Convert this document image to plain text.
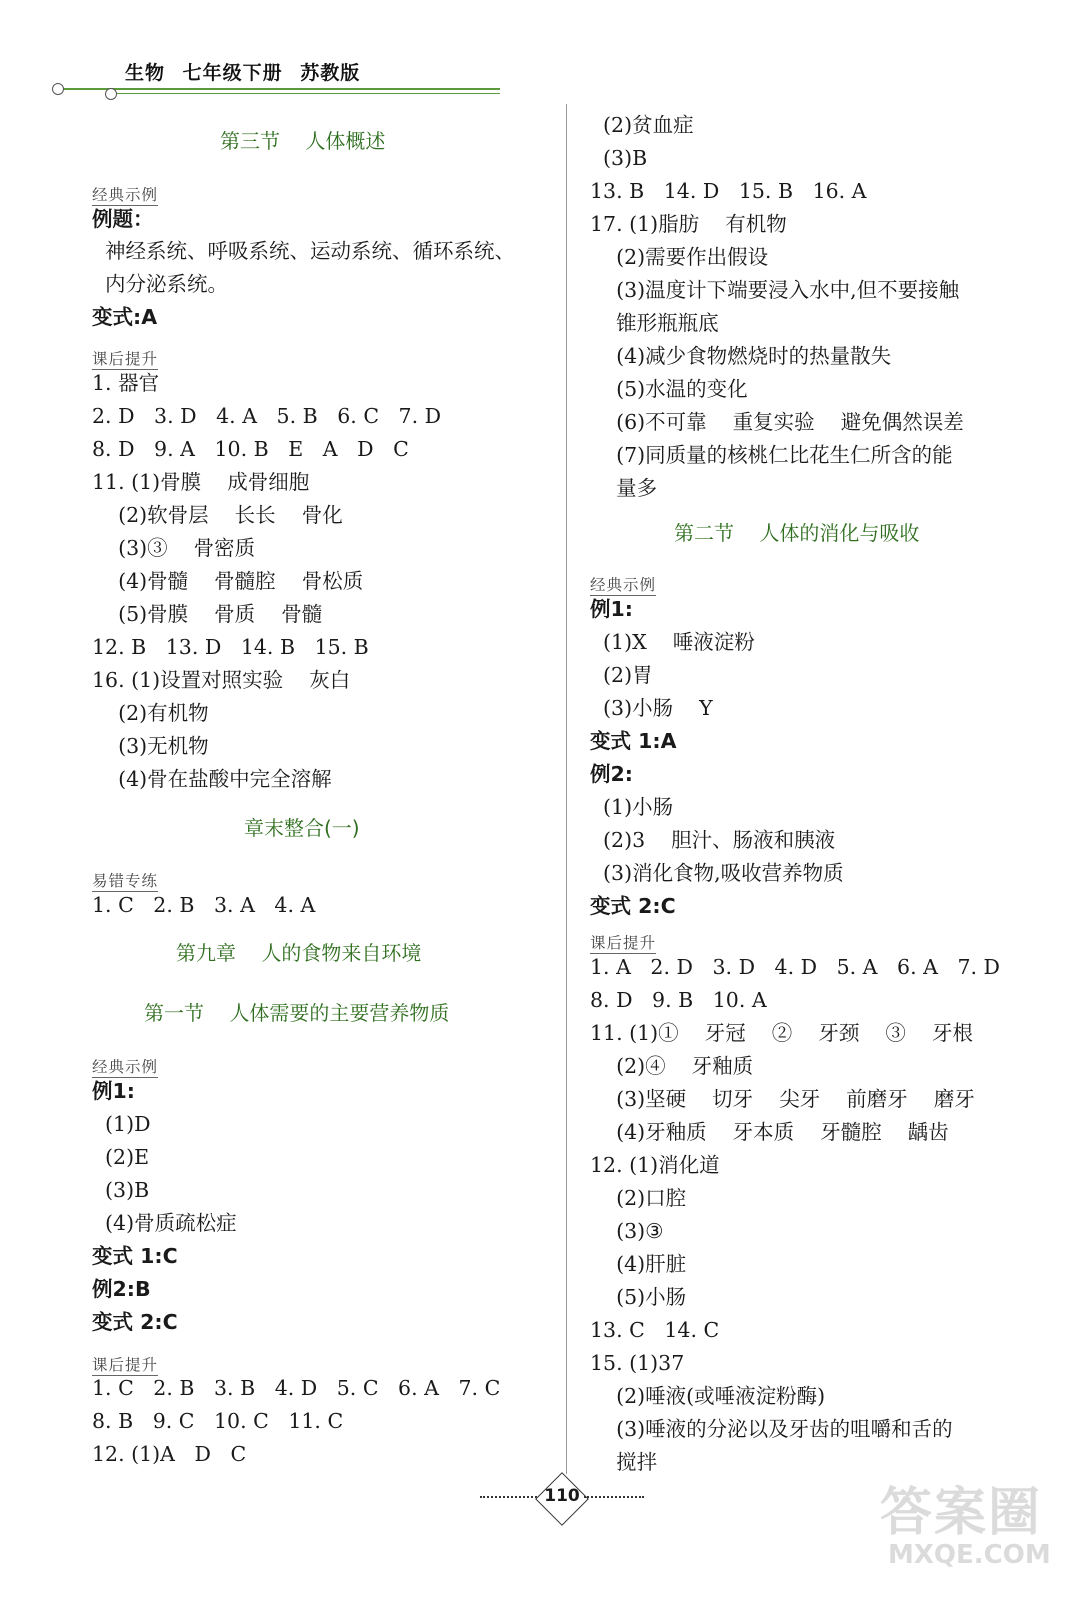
生物 七年级下册 苏教版
第三节    人体概述
经典示例
例题：
神经系统、呼吸系统、运动系统、循环系统、
内分泌系统。
变式:A
课后提升
1. 器官
2. D   3. D   4. A   5. B   6. C   7. D
8. D   9. A   10. B   E   A   D   C
11. (1)骨膜    成骨细胞
(2)软骨层    长长    骨化
(3)③    骨密质
(4)骨髓    骨髓腔    骨松质
(5)骨膜    骨质    骨髓
12. B   13. D   14. B   15. B
16. (1)设置对照实验    灰白
(2)有机物
(3)无机物
(4)骨在盐酸中完全溶解
章末整合(一)
易错专练
1. C   2. B   3. A   4. A
第九章    人的食物来自环境
第一节    人体需要的主要营养物质
经典示例
例1:
(1)D
(2)E
(3)B
(4)骨质疏松症
变式 1:C
例2:B
变式 2:C
课后提升
1. C   2. B   3. B   4. D   5. C   6. A   7. C
8. B   9. C   10. C   11. C
12. (1)A   D   C
(2)贫血症
(3)B
13. B   14. D   15. B   16. A
17. (1)脂肪    有机物
(2)需要作出假设
(3)温度计下端要浸入水中,但不要接触
锥形瓶瓶底
(4)减少食物燃烧时的热量散失
(5)水温的变化
(6)不可靠    重复实验    避免偶然误差
(7)同质量的核桃仁比花生仁所含的能
量多
第二节    人体的消化与吸收
经典示例
例1:
(1)X    唾液淀粉
(2)胃
(3)小肠    Y
变式 1:A
例2:
(1)小肠
(2)3    胆汁、肠液和胰液
(3)消化食物,吸收营养物质
变式 2:C
课后提升
1. A   2. D   3. D   4. D   5. A   6. A   7. D
8. D   9. B   10. A
11. (1)①    牙冠    ②    牙颈    ③    牙根
(2)④    牙釉质
(3)坚硬    切牙    尖牙    前磨牙    磨牙
(4)牙釉质    牙本质    牙髓腔    龋齿
12. (1)消化道
(2)口腔
(3)③
(4)肝脏
(5)小肠
13. C   14. C
15. (1)37
(2)唾液(或唾液淀粉酶)
(3)唾液的分泌以及牙齿的咀嚼和舌的
搅拌
110	答案圈
MXQE.COM
